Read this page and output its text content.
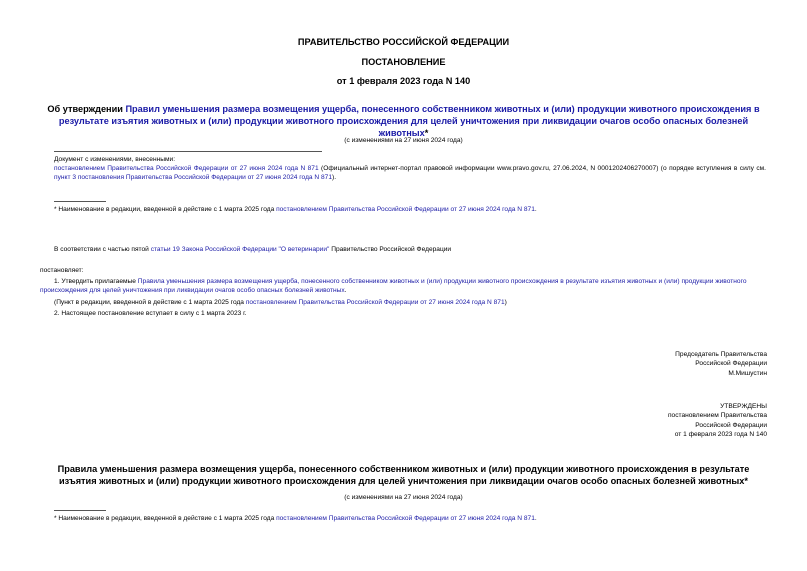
ПРАВИТЕЛЬСТВО РОССИЙСКОЙ ФЕДЕРАЦИИ
ПОСТАНОВЛЕНИЕ
от 1 февраля 2023 года N 140
Об утверждении Правил уменьшения размера возмещения ущерба, понесенного собственником животных и (или) продукции животного происхождения в результате изъятия животных и (или) продукции животного происхождения для целей уничтожения при ликвидации очагов особо опасных болезней животных*
(с изменениями на 27 июня 2024 года)
Документ с изменениями, внесенными:
постановлением Правительства Российской Федерации от 27 июня 2024 года N 871 (Официальный интернет-портал правовой информации www.pravo.gov.ru, 27.06.2024, N 0001202406270007) (о порядке вступления в силу см. пункт 3 постановления Правительства Российской Федерации от 27 июня 2024 года N 871).
* Наименование в редакции, введенной в действие с 1 марта 2025 года постановлением Правительства Российской Федерации от 27 июня 2024 года N 871.
В соответствии с частью пятой статьи 19 Закона Российской Федерации "О ветеринарии" Правительство Российской Федерации
постановляет:
1. Утвердить прилагаемые Правила уменьшения размера возмещения ущерба, понесенного собственником животных и (или) продукции животного происхождения в результате изъятия животных и (или) продукции животного происхождения для целей уничтожения при ликвидации очагов особо опасных болезней животных.
(Пункт в редакции, введенной в действие с 1 марта 2025 года постановлением Правительства Российской Федерации от 27 июня 2024 года N 871)
2. Настоящее постановление вступает в силу с 1 марта 2023 г.
Председатель Правительства
Российской Федерации
М.Мишустин
УТВЕРЖДЕНЫ
постановлением Правительства
Российской Федерации
от 1 февраля 2023 года N 140
Правила уменьшения размера возмещения ущерба, понесенного собственником животных и (или) продукции животного происхождения в результате изъятия животных и (или) продукции животного происхождения для целей уничтожения при ликвидации очагов особо опасных болезней животных*
(с изменениями на 27 июня 2024 года)
* Наименование в редакции, введенной в действие с 1 марта 2025 года постановлением Правительства Российской Федерации от 27 июня 2024 года N 871.
